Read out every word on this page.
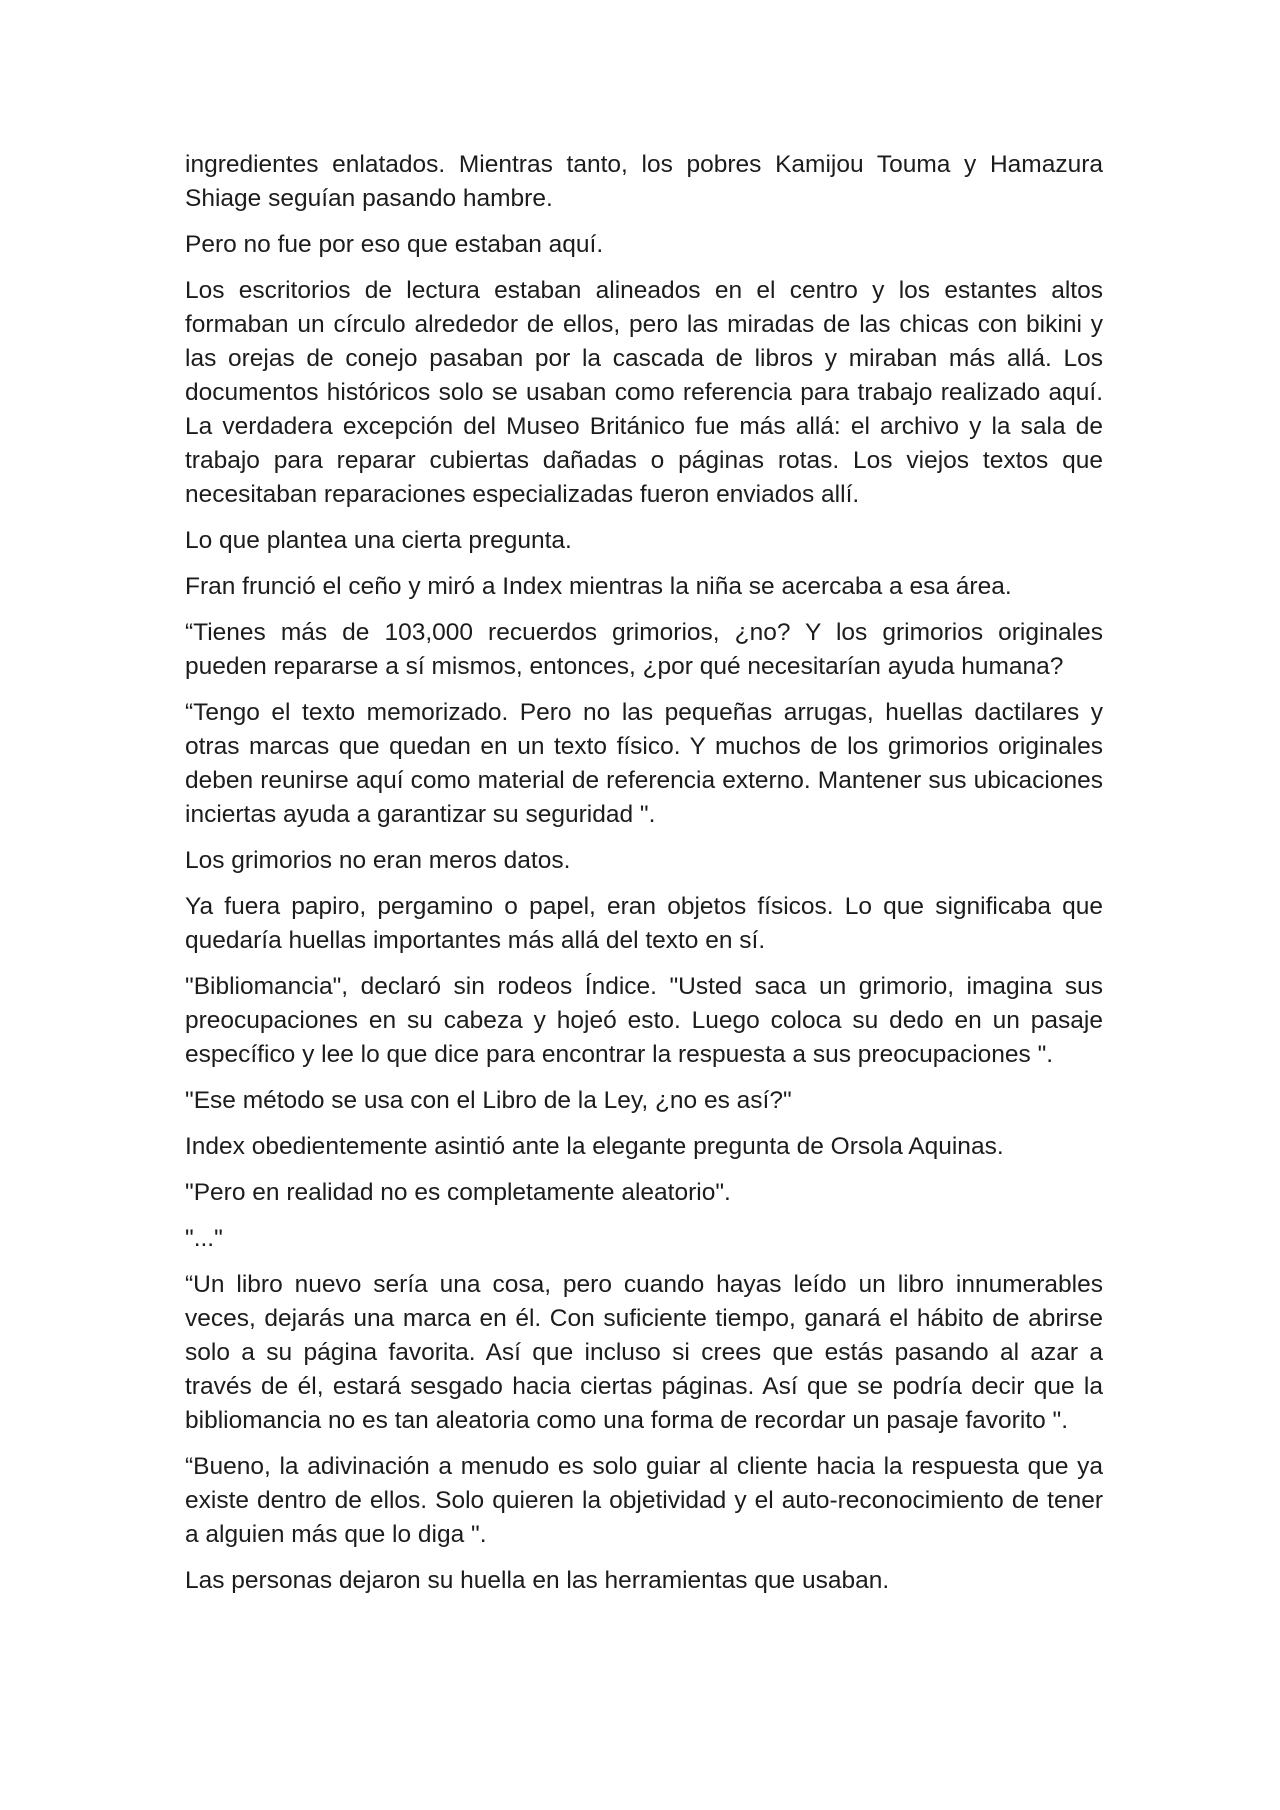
ingredientes enlatados. Mientras tanto, los pobres Kamijou Touma y Hamazura Shiage seguían pasando hambre.

Pero no fue por eso que estaban aquí.

Los escritorios de lectura estaban alineados en el centro y los estantes altos formaban un círculo alrededor de ellos, pero las miradas de las chicas con bikini y las orejas de conejo pasaban por la cascada de libros y miraban más allá. Los documentos históricos solo se usaban como referencia para trabajo realizado aquí. La verdadera excepción del Museo Británico fue más allá: el archivo y la sala de trabajo para reparar cubiertas dañadas o páginas rotas. Los viejos textos que necesitaban reparaciones especializadas fueron enviados allí.

Lo que plantea una cierta pregunta.

Fran frunció el ceño y miró a Index mientras la niña se acercaba a esa área.

“Tienes más de 103,000 recuerdos grimorios, ¿no? Y los grimorios originales pueden repararse a sí mismos, entonces, ¿por qué necesitarían ayuda humana?

“Tengo el texto memorizado. Pero no las pequeñas arrugas, huellas dactilares y otras marcas que quedan en un texto físico. Y muchos de los grimorios originales deben reunirse aquí como material de referencia externo. Mantener sus ubicaciones inciertas ayuda a garantizar su seguridad ".

Los grimorios no eran meros datos.

Ya fuera papiro, pergamino o papel, eran objetos físicos. Lo que significaba que quedaría huellas importantes más allá del texto en sí.

"Bibliomancia", declaró sin rodeos Índice. "Usted saca un grimorio, imagina sus preocupaciones en su cabeza y hojeó esto. Luego coloca su dedo en un pasaje específico y lee lo que dice para encontrar la respuesta a sus preocupaciones ".

"Ese método se usa con el Libro de la Ley, ¿no es así?"

Index obedientemente asintió ante la elegante pregunta de Orsola Aquinas.

"Pero en realidad no es completamente aleatorio".

"..."

“Un libro nuevo sería una cosa, pero cuando hayas leído un libro innumerables veces, dejarás una marca en él. Con suficiente tiempo, ganará el hábito de abrirse solo a su página favorita. Así que incluso si crees que estás pasando al azar a través de él, estará sesgado hacia ciertas páginas. Así que se podría decir que la bibliomancia no es tan aleatoria como una forma de recordar un pasaje favorito ".

“Bueno, la adivinación a menudo es solo guiar al cliente hacia la respuesta que ya existe dentro de ellos. Solo quieren la objetividad y el auto-reconocimiento de tener a alguien más que lo diga ".

Las personas dejaron su huella en las herramientas que usaban.
